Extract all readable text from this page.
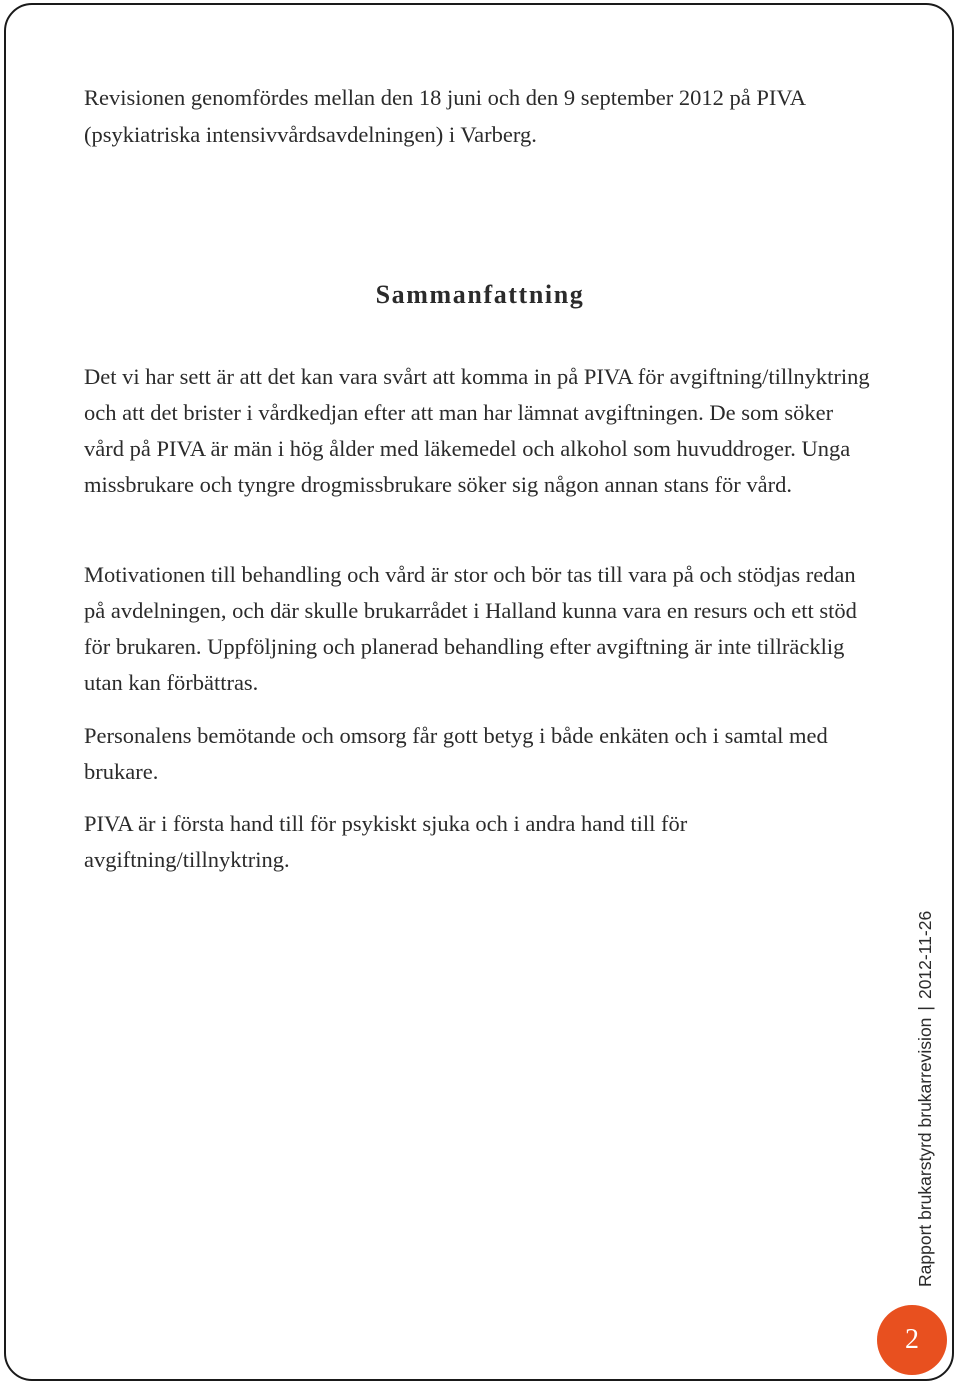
Revisionen genomfördes mellan den 18 juni och den 9 september 2012 på PIVA (psykiatriska intensivvårdsavdelningen) i Varberg.

Sammanfattning

Det vi har sett är att det kan vara svårt att komma in på PIVA för avgiftning/tillnyktring och att det brister i vårdkedjan efter att man har lämnat avgiftningen. De som söker vård på PIVA är män i hög ålder med läkemedel och alkohol som huvuddroger. Unga missbrukare och tyngre drogmissbrukare söker sig någon annan stans för vård.

Motivationen till behandling och vård är stor och bör tas till vara på och stödjas redan på avdelningen, och där skulle brukarrådet i Halland kunna vara en resurs och ett stöd för brukaren. Uppföljning och planerad behandling efter avgiftning är inte tillräcklig utan kan förbättras.

Personalens bemötande och omsorg får gott betyg i både enkäten och i samtal med brukare.

PIVA är i första hand till för psykiskt sjuka och i andra hand till för avgiftning/tillnyktring.

Rapport brukarstyrd brukarrevision|2012-11-26
2
